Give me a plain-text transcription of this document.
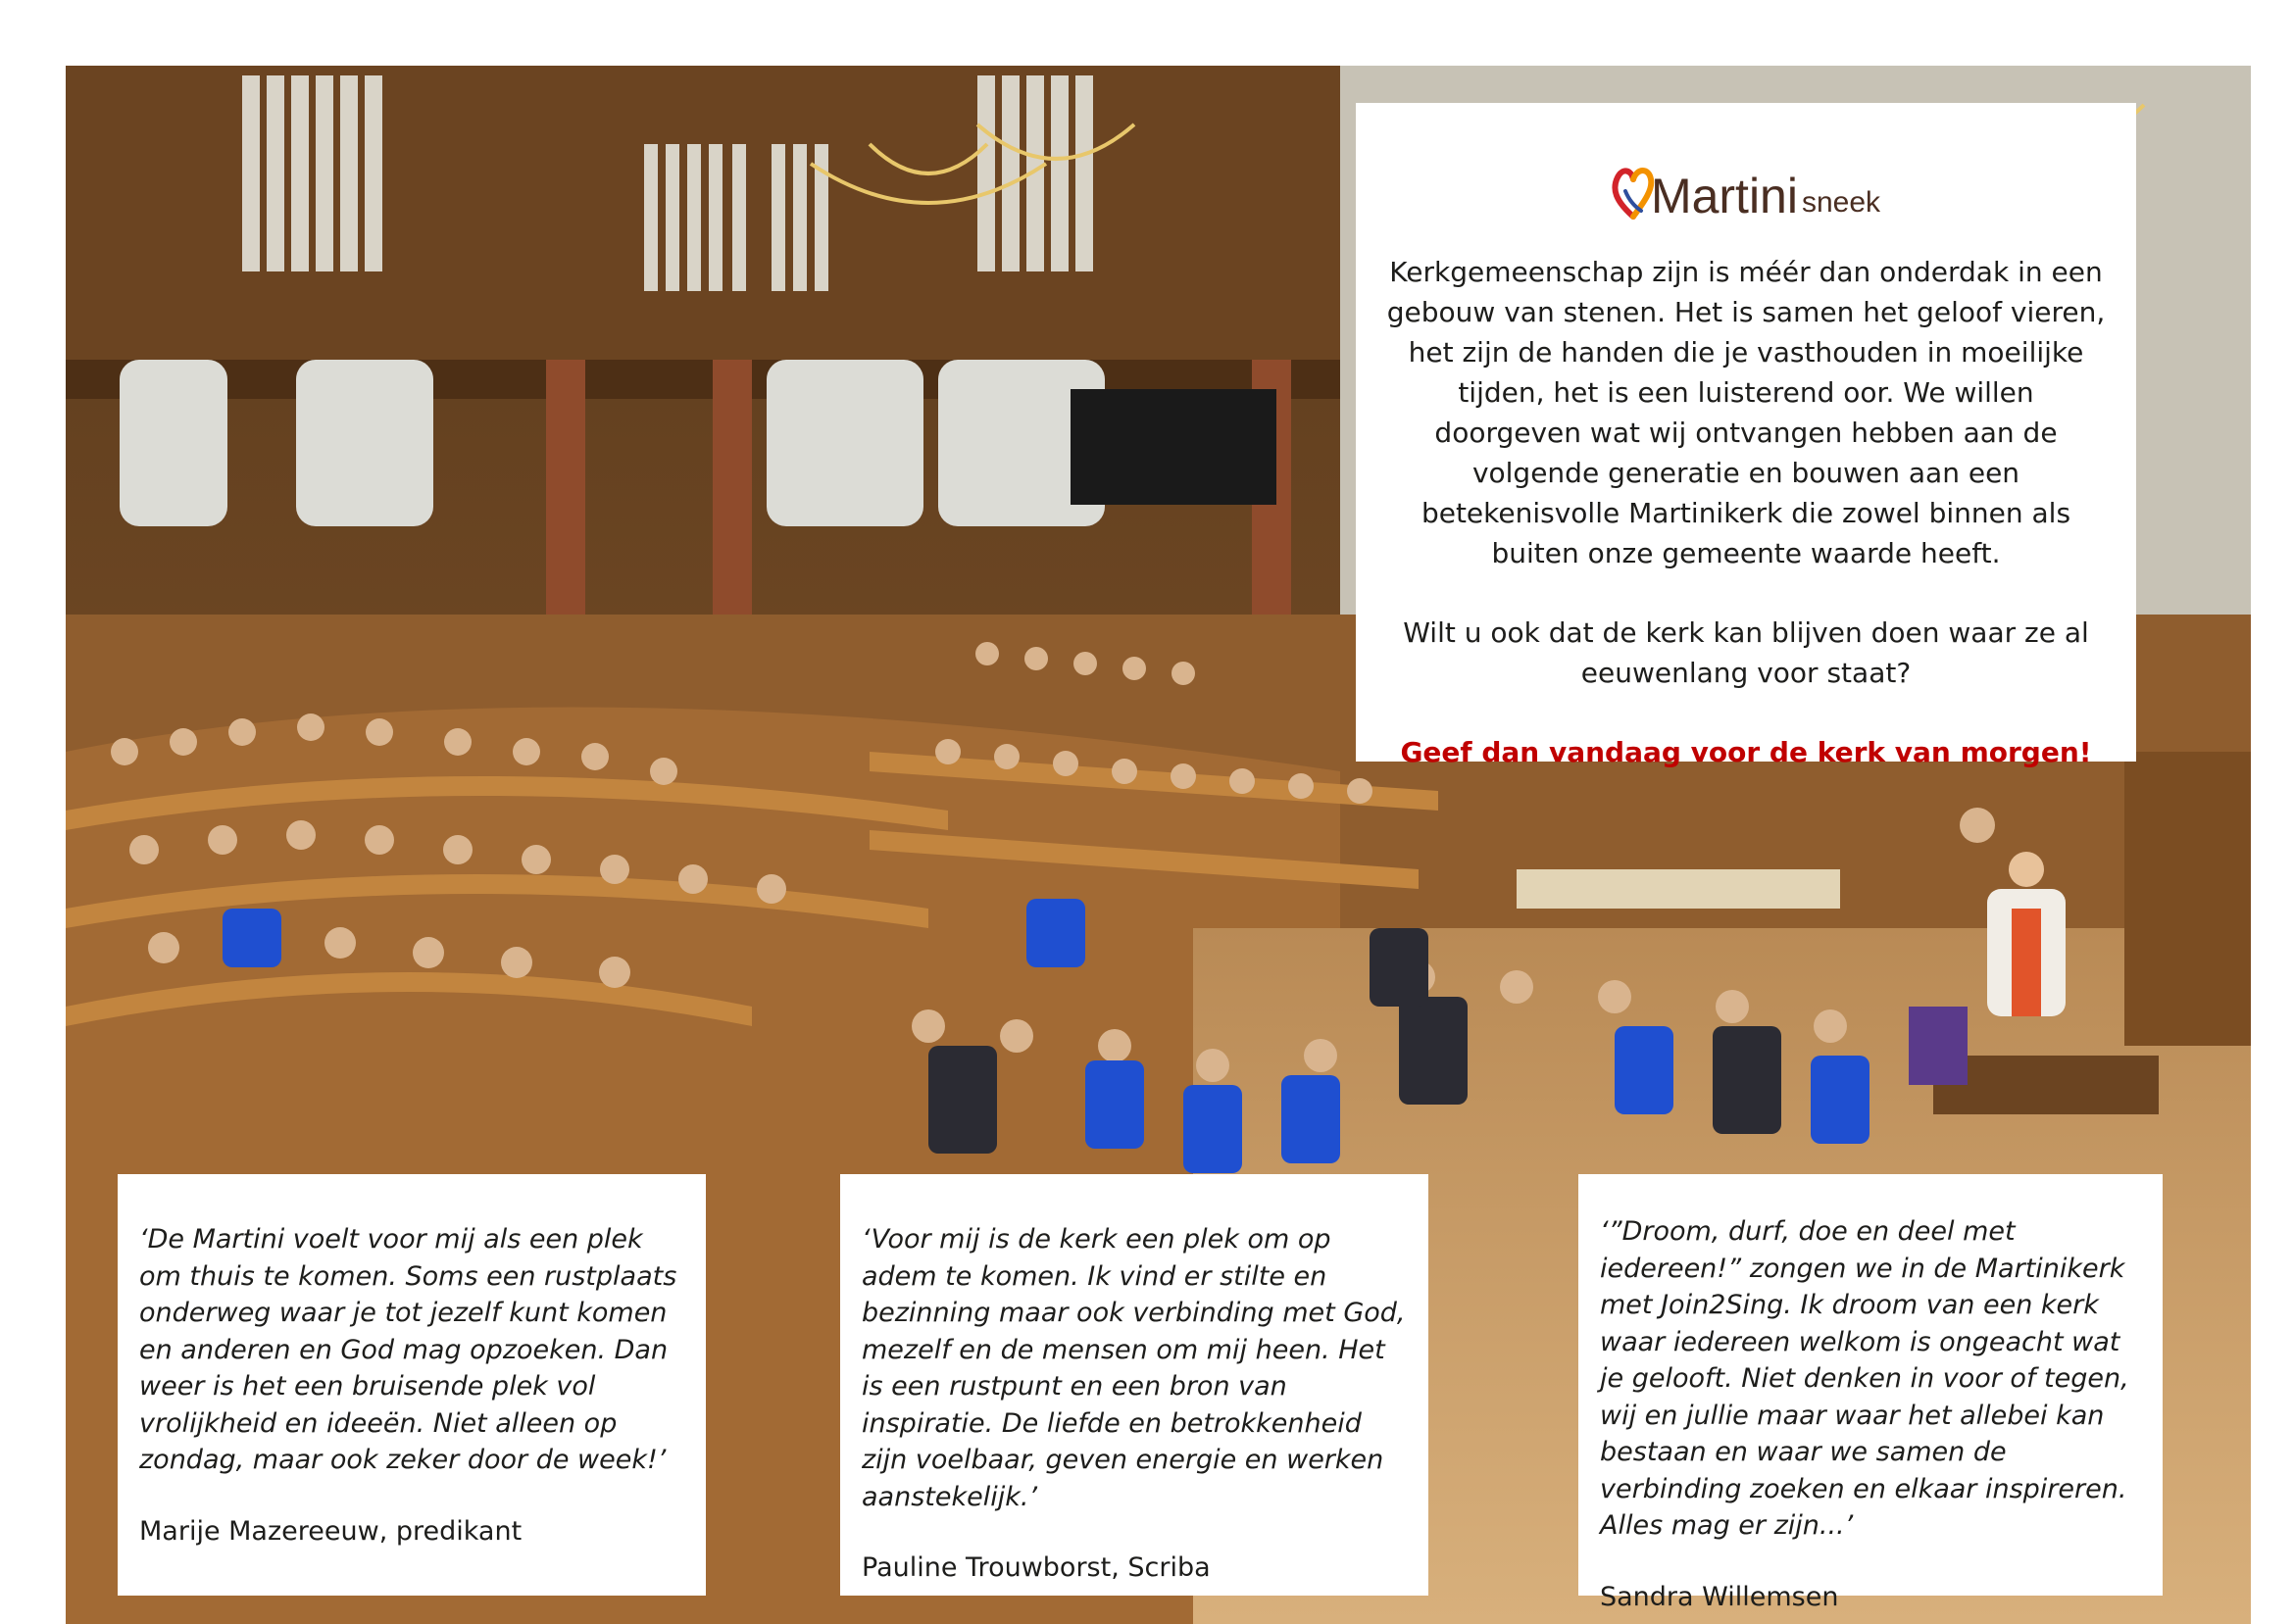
Martini sneek

Kerkgemeenschap zijn is méér dan onderdak in een gebouw van stenen. Het is samen het geloof vieren, het zijn de handen die je vasthouden in moeilijke tijden, het is een luisterend oor. We willen doorgeven wat wij ontvangen hebben aan de volgende generatie en bouwen aan een betekenisvolle Martinikerk die zowel binnen als buiten onze gemeente waarde heeft.

Wilt u ook dat de kerk kan blijven doen waar ze al eeuwenlang voor staat?

Geef dan vandaag voor de kerk van morgen!

‘De Martini voelt voor mij als een plek om thuis te komen. Soms een rustplaats onderweg waar je tot jezelf kunt komen en anderen en God mag opzoeken. Dan weer is het een bruisende plek vol vrolijkheid en ideeën. Niet alleen op zondag, maar ook zeker door de week!’

Marije Mazereeuw, predikant

‘Voor mij is de kerk een plek om op adem te komen. Ik vind er stilte en bezinning maar ook verbinding met God, mezelf en de mensen om mij heen. Het is een rustpunt en een bron van inspiratie. De liefde en betrokkenheid zijn voelbaar, geven energie en werken aanstekelijk.’

Pauline Trouwborst, Scriba

‘”Droom, durf, doe en deel met iedereen!” zongen we in de Martinikerk met Join2Sing. Ik droom van een kerk waar iedereen welkom is ongeacht wat je gelooft. Niet denken in voor of tegen, wij en jullie maar waar het allebei kan bestaan en waar we samen de verbinding zoeken en elkaar inspireren. Alles mag er zijn...’

Sandra Willemsen
